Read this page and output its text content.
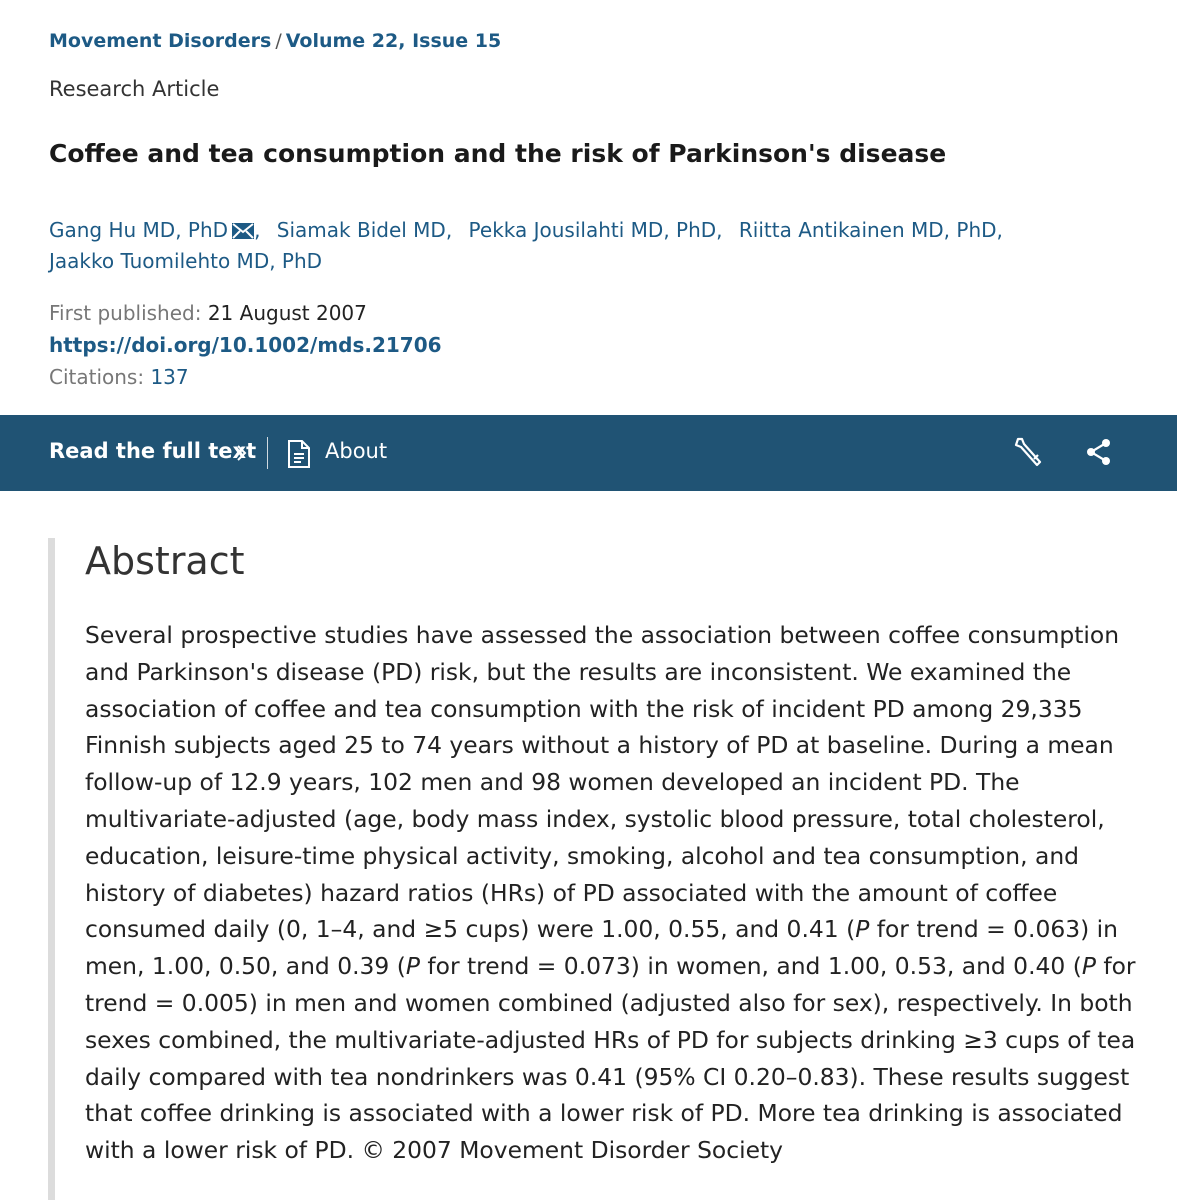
Movement Disorders / Volume 22, Issue 15
Research Article
Coffee and tea consumption and the risk of Parkinson's disease
Gang Hu MD, PhD , Siamak Bidel MD, Pekka Jousilahti MD, PhD, Riitta Antikainen MD, PhD,
Jaakko Tuomilehto MD, PhD
First published: 21 August 2007
https://doi.org/10.1002/mds.21706
Citations: 137
Read the full text	About
Abstract

Several prospective studies have assessed the association between coffee consumption and Parkinson's disease (PD) risk, but the results are inconsistent. We examined the association of coffee and tea consumption with the risk of incident PD among 29,335 Finnish subjects aged 25 to 74 years without a history of PD at baseline. During a mean follow-up of 12.9 years, 102 men and 98 women developed an incident PD. The multivariate-adjusted (age, body mass index, systolic blood pressure, total cholesterol, education, leisure-time physical activity, smoking, alcohol and tea consumption, and history of diabetes) hazard ratios (HRs) of PD associated with the amount of coffee consumed daily (0, 1–4, and ≥5 cups) were 1.00, 0.55, and 0.41 (P for trend = 0.063) in men, 1.00, 0.50, and 0.39 (P for trend = 0.073) in women, and 1.00, 0.53, and 0.40 (P for trend = 0.005) in men and women combined (adjusted also for sex), respectively. In both sexes combined, the multivariate-adjusted HRs of PD for subjects drinking ≥3 cups of tea daily compared with tea nondrinkers was 0.41 (95% CI 0.20–0.83). These results suggest that coffee drinking is associated with a lower risk of PD. More tea drinking is associated with a lower risk of PD. © 2007 Movement Disorder Society
